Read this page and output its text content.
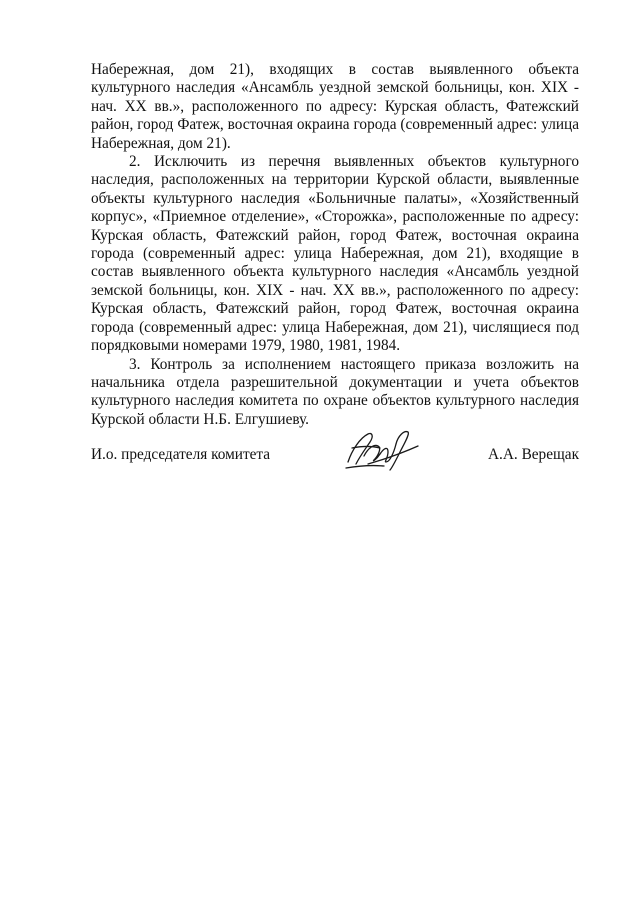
Набережная, дом 21), входящих в состав выявленного объекта культурного наследия «Ансамбль уездной земской больницы, кон. XIX - нач. XX вв.», расположенного по адресу: Курская область, Фатежский район, город Фатеж, восточная окраина города (современный адрес: улица Набережная, дом 21).

2. Исключить из перечня выявленных объектов культурного наследия, расположенных на территории Курской области, выявленные объекты культурного наследия «Больничные палаты», «Хозяйственный корпус», «Приемное отделение», «Сторожка», расположенные по адресу: Курская область, Фатежский район, город Фатеж, восточная окраина города (современный адрес: улица Набережная, дом 21), входящие в состав выявленного объекта культурного наследия «Ансамбль уездной земской больницы, кон. XIX - нач. XX вв.», расположенного по адресу: Курская область, Фатежский район, город Фатеж, восточная окраина города (современный адрес: улица Набережная, дом 21), числящиеся под порядковыми номерами 1979, 1980, 1981, 1984.

3. Контроль за исполнением настоящего приказа возложить на начальника отдела разрешительной документации и учета объектов культурного наследия комитета по охране объектов культурного наследия Курской области Н.Б. Елгушиеву.

И.о. председателя комитета	А.А. Верещак
